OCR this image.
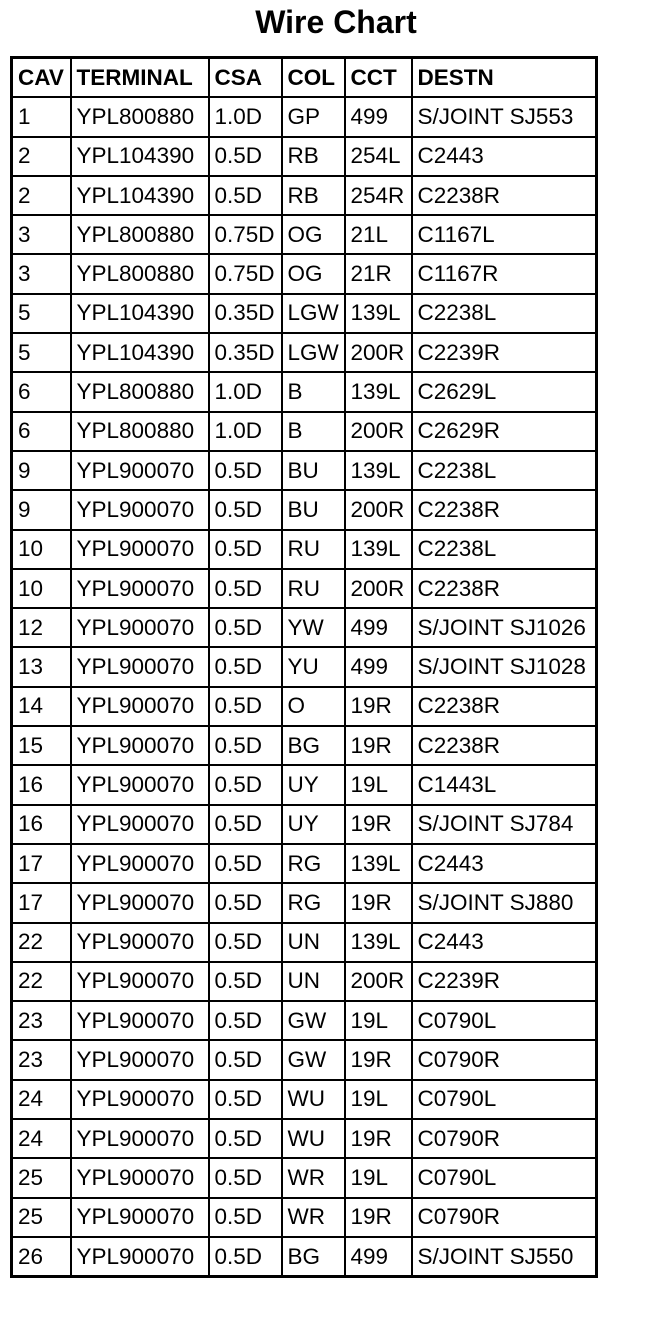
Wire Chart
CAV	TERMINAL	CSA	COL	CCT	DESTN
1	YPL800880	1.0D	GP	499	S/JOINT SJ553
2	YPL104390	0.5D	RB	254L	C2443
2	YPL104390	0.5D	RB	254R	C2238R
3	YPL800880	0.75D	OG	21L	C1167L
3	YPL800880	0.75D	OG	21R	C1167R
5	YPL104390	0.35D	LGW	139L	C2238L
5	YPL104390	0.35D	LGW	200R	C2239R
6	YPL800880	1.0D	B	139L	C2629L
6	YPL800880	1.0D	B	200R	C2629R
9	YPL900070	0.5D	BU	139L	C2238L
9	YPL900070	0.5D	BU	200R	C2238R
10	YPL900070	0.5D	RU	139L	C2238L
10	YPL900070	0.5D	RU	200R	C2238R
12	YPL900070	0.5D	YW	499	S/JOINT SJ1026
13	YPL900070	0.5D	YU	499	S/JOINT SJ1028
14	YPL900070	0.5D	O	19R	C2238R
15	YPL900070	0.5D	BG	19R	C2238R
16	YPL900070	0.5D	UY	19L	C1443L
16	YPL900070	0.5D	UY	19R	S/JOINT SJ784
17	YPL900070	0.5D	RG	139L	C2443
17	YPL900070	0.5D	RG	19R	S/JOINT SJ880
22	YPL900070	0.5D	UN	139L	C2443
22	YPL900070	0.5D	UN	200R	C2239R
23	YPL900070	0.5D	GW	19L	C0790L
23	YPL900070	0.5D	GW	19R	C0790R
24	YPL900070	0.5D	WU	19L	C0790L
24	YPL900070	0.5D	WU	19R	C0790R
25	YPL900070	0.5D	WR	19L	C0790L
25	YPL900070	0.5D	WR	19R	C0790R
26	YPL900070	0.5D	BG	499	S/JOINT SJ550
